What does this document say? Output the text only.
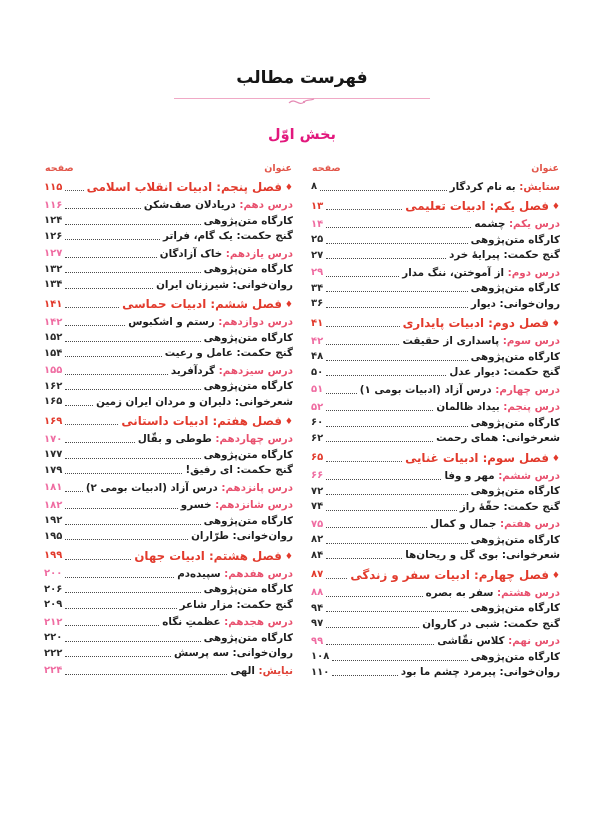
فهرست مطالب
بخش اوّل
عنوان
صفحه
ستایش: به نام کردگار
۸
♦فصل یکم: ادبیات تعلیمی
۱۳
درس یکم: چشمه
۱۴
کارگاه متن‌پژوهی
۲۵
گنج حکمت: پیرایهٔ خرد
۲۷
درس دوم: از آموختن، ننگ مدار
۲۹
کارگاه متن‌پژوهی
۳۴
روان‌خوانی: دیوار
۳۶
♦فصل دوم: ادبیات پایداری
۴۱
درس سوم: پاسداری از حقیقت
۴۲
کارگاه متن‌پژوهی
۴۸
گنج حکمت: دیوار عدل
۵۰
درس چهارم: درس آزاد (ادبیات بومی ۱)
۵۱
درس پنجم: بیداد ظالمان
۵۲
کارگاه متن‌پژوهی
۶۰
شعرخوانی: همای رحمت
۶۲
♦فصل سوم: ادبیات غنایی
۶۵
درس ششم: مهر و وفا
۶۶
کارگاه متن‌پژوهی
۷۲
گنج حکمت: حقّهٔ راز
۷۴
درس هفتم: جمال و کمال
۷۵
کارگاه متن‌پژوهی
۸۲
شعرخوانی: بوی گل و ریحان‌ها
۸۴
♦فصل چهارم: ادبیات سفر و زندگی
۸۷
درس هشتم: سفر به بصره
۸۸
کارگاه متن‌پژوهی
۹۴
گنج حکمت: شبی در کاروان
۹۷
درس نهم: کلاس نقّاشی
۹۹
کارگاه متن‌پژوهی
۱۰۸
روان‌خوانی: پیرمرد چشم ما بود
۱۱۰
عنوان
صفحه
♦فصل پنجم: ادبیات انقلاب اسلامی
۱۱۵
درس دهم: دریادلان صف‌شکن
۱۱۶
کارگاه متن‌پژوهی
۱۲۴
گنج حکمت: یک گام، فراتر
۱۲۶
درس یازدهم: خاک آزادگان
۱۲۷
کارگاه متن‌پژوهی
۱۳۲
روان‌خوانی: شیرزنان ایران
۱۳۴
♦فصل ششم: ادبیات حماسی
۱۴۱
درس دوازدهم: رستم و اشکبوس
۱۴۲
کارگاه متن‌پژوهی
۱۵۲
گنج حکمت: عامل و رعیت
۱۵۴
درس سیزدهم: گردآفرید
۱۵۵
کارگاه متن‌پژوهی
۱۶۲
شعرخوانی: دلیران و مردان ایران زمین
۱۶۵
♦فصل هفتم: ادبیات داستانی
۱۶۹
درس چهاردهم: طوطی و بقّال
۱۷۰
کارگاه متن‌پژوهی
۱۷۷
گنج حکمت: ای رفیق!
۱۷۹
درس پانزدهم: درس آزاد (ادبیات بومی ۲)
۱۸۱
درس شانزدهم: خسرو
۱۸۲
کارگاه متن‌پژوهی
۱۹۲
روان‌خوانی: طرّاران
۱۹۵
♦فصل هشتم: ادبیات جهان
۱۹۹
درس هفدهم: سپیده‌دم
۲۰۰
کارگاه متن‌پژوهی
۲۰۶
گنج حکمت: مزار شاعر
۲۰۹
درس هجدهم: عظمتِ نگاه
۲۱۲
کارگاه متن‌پژوهی
۲۲۰
روان‌خوانی: سه پرسش
۲۲۲
نیایش: الهی
۲۲۴
